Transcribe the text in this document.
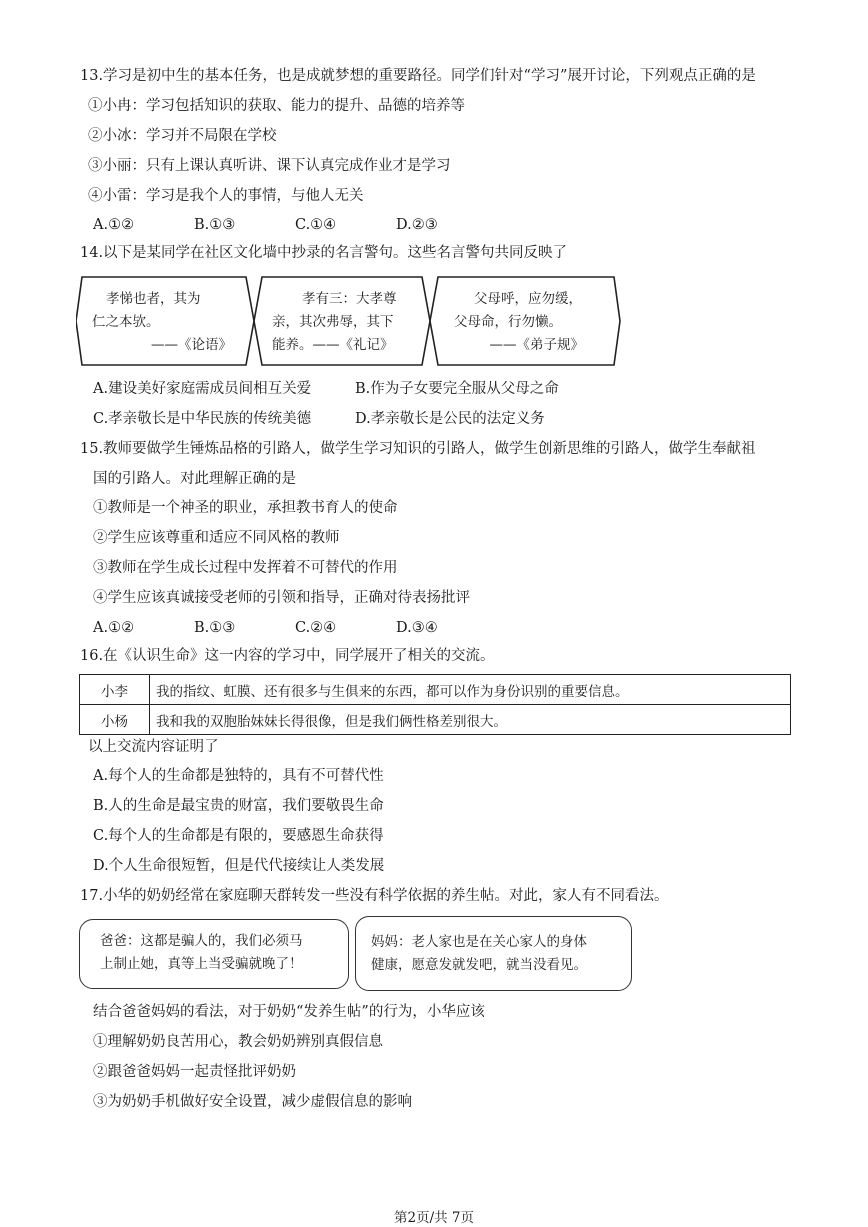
13.学习是初中生的基本任务，也是成就梦想的重要路径。同学们针对“学习”展开讨论，下列观点正确的是
①小冉：学习包括知识的获取、能力的提升、品德的培养等
②小冰：学习并不局限在学校
③小丽：只有上课认真听讲、课下认真完成作业才是学习
④小雷：学习是我个人的事情，与他人无关
A.①②	B.①③	C.①④	D.②③
14.以下是某同学在社区文化墙中抄录的名言警句。这些名言警句共同反映了
孝悌也者，其为
仁之本欤。
——《论语》
孝有三：大孝尊
亲，其次弗辱，其下
能养。——《礼记》
父母呼，应勿缓，
父母命，行勿懒。
——《弟子规》
A.建设美好家庭需成员间相互关爱	B.作为子女要完全服从父母之命
C.孝亲敬长是中华民族的传统美德	D.孝亲敬长是公民的法定义务
15.教师要做学生锤炼品格的引路人，做学生学习知识的引路人，做学生创新思维的引路人，做学生奉献祖
国的引路人。对此理解正确的是
①教师是一个神圣的职业，承担教书育人的使命
②学生应该尊重和适应不同风格的教师
③教师在学生成长过程中发挥着不可替代的作用
④学生应该真诚接受老师的引领和指导，正确对待表扬批评
A.①②	B.①③	C.②④	D.③④
16.在《认识生命》这一内容的学习中，同学展开了相关的交流。
小李	我的指纹、虹膜、还有很多与生俱来的东西，都可以作为身份识别的重要信息。
小杨	我和我的双胞胎妹妹长得很像，但是我们俩性格差别很大。
以上交流内容证明了
A.每个人的生命都是独特的，具有不可替代性
B.人的生命是最宝贵的财富，我们要敬畏生命
C.每个人的生命都是有限的，要感恩生命获得
D.个人生命很短暂，但是代代接续让人类发展
17.小华的奶奶经常在家庭聊天群转发一些没有科学依据的养生帖。对此，家人有不同看法。
爸爸：这都是骗人的，我们必须马
上制止她，真等上当受骗就晚了！
妈妈：老人家也是在关心家人的身体
健康，愿意发就发吧，就当没看见。
结合爸爸妈妈的看法，对于奶奶“发养生帖”的行为，小华应该
①理解奶奶良苦用心，教会奶奶辨别真假信息
②跟爸爸妈妈一起责怪批评奶奶
③为奶奶手机做好安全设置，减少虚假信息的影响
第2页/共 7页
